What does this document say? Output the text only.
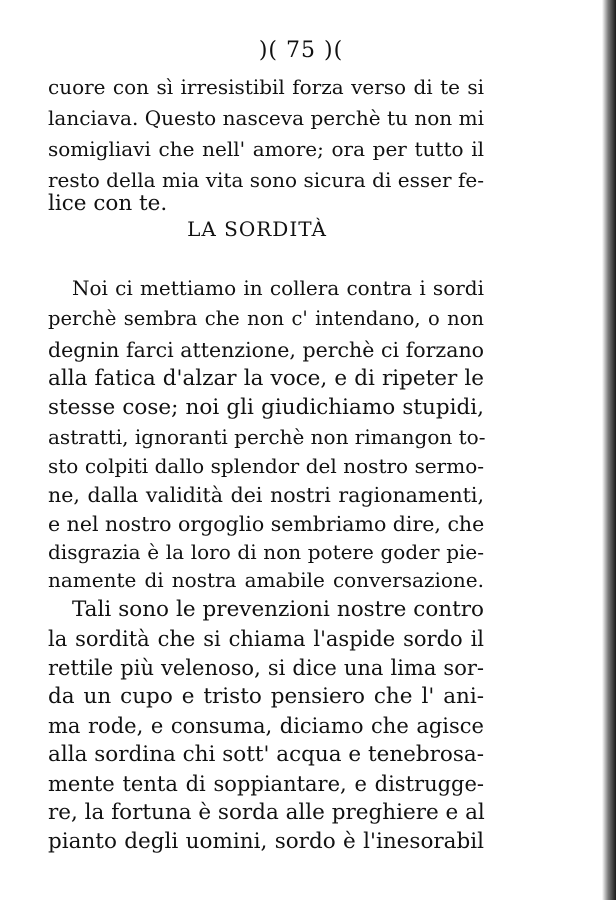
)( 75 )(
cuore con sì irresistibil forza verso di te si
lanciava. Questo nasceva perchè tu non mi
somigliavi che nell' amore; ora per tutto il
resto della mia vita sono sicura di esser fe-
lice con te.
LA SORDITÀ
Noi ci mettiamo in collera contra i sordi
perchè sembra che non c' intendano, o non
degnin farci attenzione, perchè ci forzano
alla fatica d'alzar la voce, e di ripeter le
stesse cose; noi gli giudichiamo stupidi,
astratti, ignoranti perchè non rimangon to-
sto colpiti dallo splendor del nostro sermo-
ne, dalla validità dei nostri ragionamenti,
e nel nostro orgoglio sembriamo dire, che
disgrazia è la loro di non potere goder pie-
namente di nostra amabile conversazione.
Tali sono le prevenzioni nostre contro
la sordità che si chiama l'aspide sordo il
rettile più velenoso, si dice una lima sor-
da un cupo e tristo pensiero che l' ani-
ma rode, e consuma, diciamo che agisce
alla sordina chi sott' acqua e tenebrosa-
mente tenta di soppiantare, e distrugge-
re, la fortuna è sorda alle preghiere e al
pianto degli uomini, sordo è l'inesorabil
